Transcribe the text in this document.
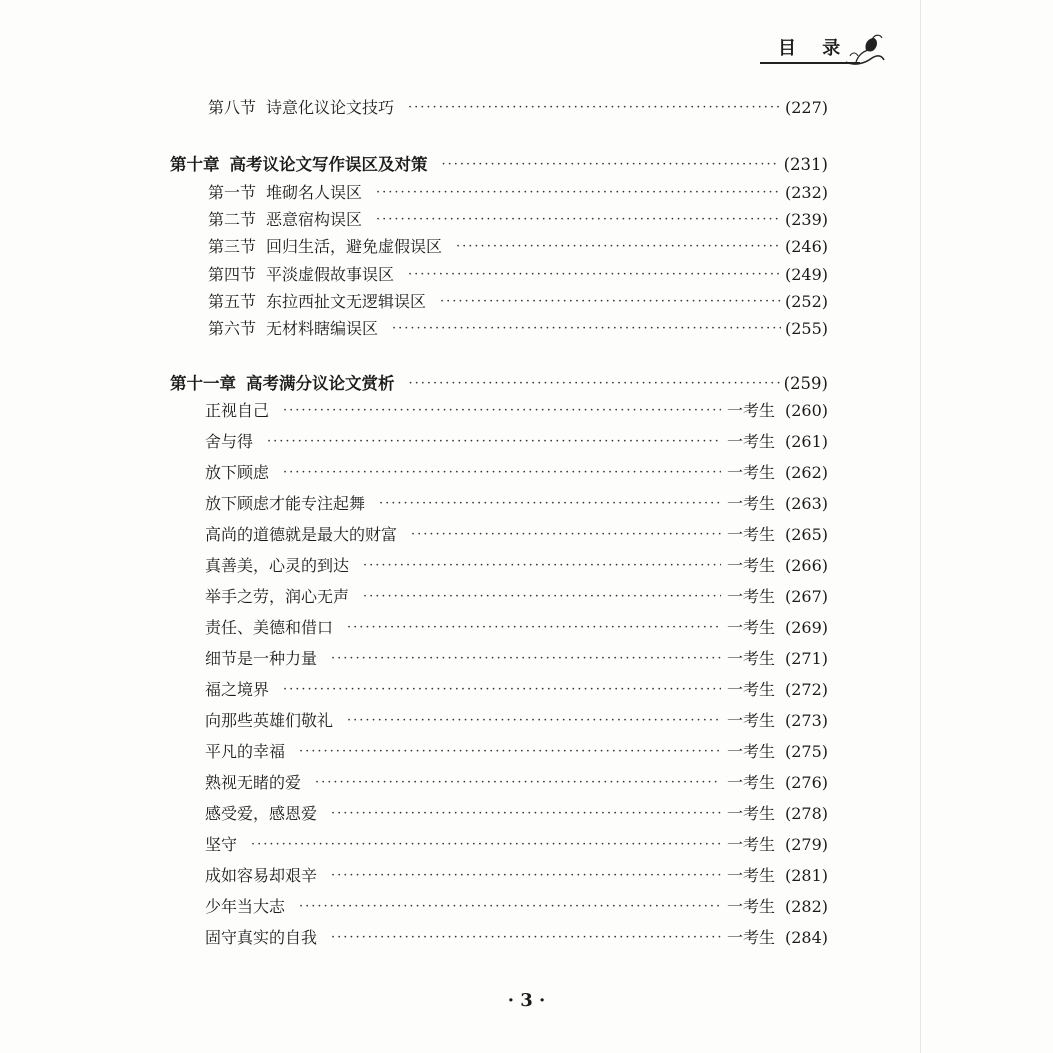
目 录
第八节 诗意化议论文技巧 ·····	(227)
第十章 高考议论文写作误区及对策 ·····	(231)
第一节 堆砌名人误区 ·····	(232)
第二节 恶意宿构误区 ·····	(239)
第三节 回归生活，避免虚假误区 ·····	(246)
第四节 平淡虚假故事误区 ·····	(249)
第五节 东拉西扯文无逻辑误区 ·····	(252)
第六节 无材料瞎编误区 ·····	(255)
第十一章 高考满分议论文赏析 ·····	(259)
正视自己 ·····	一考生 (260)
舍与得 ·····	一考生 (261)
放下顾虑 ·····	一考生 (262)
放下顾虑才能专注起舞 ·····	一考生 (263)
高尚的道德就是最大的财富 ·····	一考生 (265)
真善美，心灵的到达 ·····	一考生 (266)
举手之劳，润心无声 ·····	一考生 (267)
责任、美德和借口 ·····	一考生 (269)
细节是一种力量 ·····	一考生 (271)
福之境界 ·····	一考生 (272)
向那些英雄们敬礼 ·····	一考生 (273)
平凡的幸福 ·····	一考生 (275)
熟视无睹的爱 ·····	一考生 (276)
感受爱，感恩爱 ·····	一考生 (278)
坚守 ·····	一考生 (279)
成如容易却艰辛 ·····	一考生 (281)
少年当大志 ·····	一考生 (282)
固守真实的自我 ·····	一考生 (284)
· 3 ·
